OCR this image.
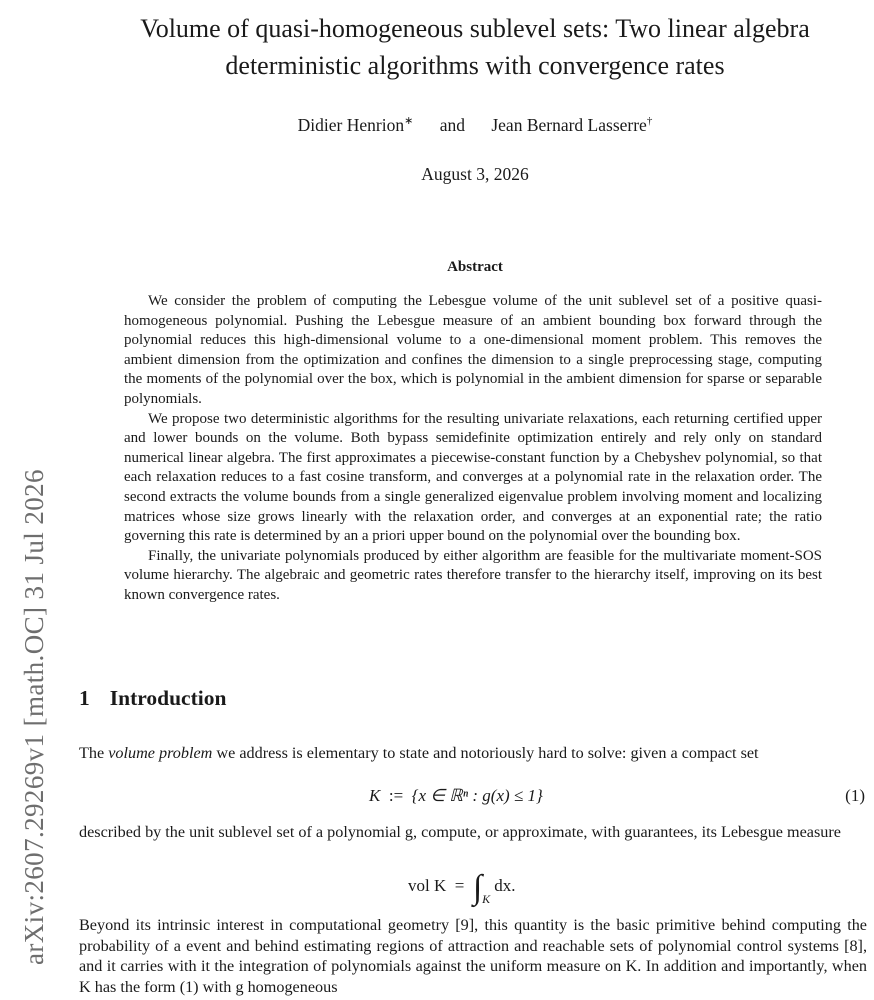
arXiv:2607.29269v1 [math.OC] 31 Jul 2026
Volume of quasi-homogeneous sublevel sets: Two linear algebra
deterministic algorithms with convergence rates
Didier Henrion∗ and Jean Bernard Lasserre†
August 3, 2026
Abstract

We consider the problem of computing the Lebesgue volume of the unit sublevel set of a positive quasi-homogeneous polynomial. Pushing the Lebesgue measure of an ambient bounding box forward through the polynomial reduces this high-dimensional volume to a one-dimensional moment problem. This removes the ambient dimension from the optimization and confines the dimension to a single preprocessing stage, computing the moments of the polynomial over the box, which is polynomial in the ambient dimension for sparse or separable polynomials.

We propose two deterministic algorithms for the resulting univariate relaxations, each returning certified upper and lower bounds on the volume. Both bypass semidefinite optimization entirely and rely only on standard numerical linear algebra. The first approximates a piecewise-constant function by a Chebyshev polynomial, so that each relaxation reduces to a fast cosine transform, and converges at a polynomial rate in the relaxation order. The second extracts the volume bounds from a single generalized eigenvalue problem involving moment and localizing matrices whose size grows linearly with the relaxation order, and converges at an exponential rate; the ratio governing this rate is determined by an a priori upper bound on the polynomial over the bounding box.

Finally, the univariate polynomials produced by either algorithm are feasible for the multivariate moment-SOS volume hierarchy. The algebraic and geometric rates therefore transfer to the hierarchy itself, improving on its best known convergence rates.

1 Introduction

The volume problem we address is elementary to state and notoriously hard to solve: given a compact set

K := {x ∈ ℝⁿ : g(x) ≤ 1}	(1)

described by the unit sublevel set of a polynomial g, compute, or approximate, with guarantees, its Lebesgue measure

vol $K = \int_Kdx$.

Beyond its intrinsic interest in computational geometry [9], this quantity is the basic primitive behind computing the probability of a event and behind estimating regions of attraction and reachable sets of polynomial control systems [8], and it carries with it the integration of polynomials against the uniform measure on K. In addition and importantly, when K has the form (1) with g homogeneous
